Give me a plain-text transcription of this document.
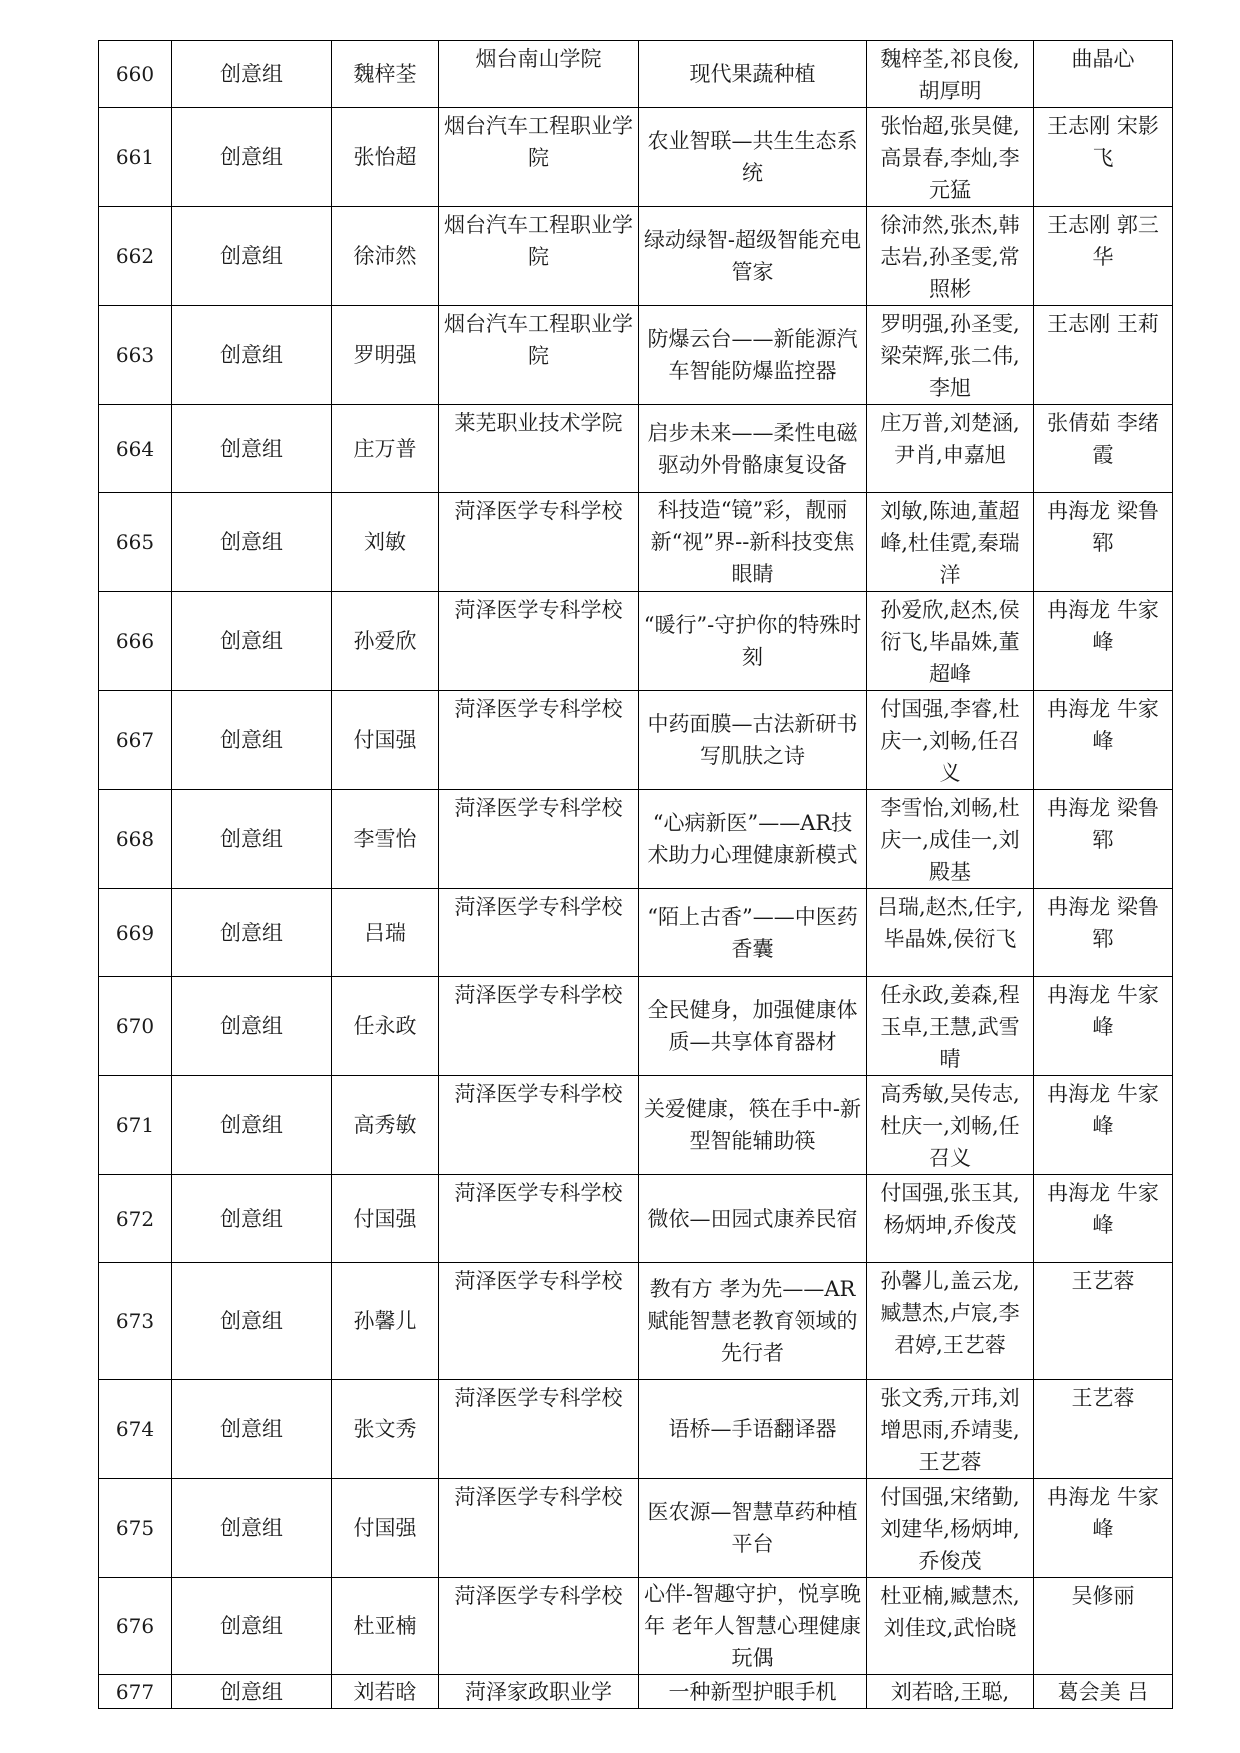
660	创意组	魏梓荃	烟台南山学院	现代果蔬种植	魏梓荃,祁良俊,胡厚明	曲晶心
661	创意组	张怡超	烟台汽车工程职业学院	农业智联—共生生态系统	张怡超,张昊健,高景春,李灿,李元猛	王志刚 宋影飞
662	创意组	徐沛然	烟台汽车工程职业学院	绿动绿智-超级智能充电管家	徐沛然,张杰,韩志岩,孙圣雯,常照彬	王志刚 郭三华
663	创意组	罗明强	烟台汽车工程职业学院	防爆云台——新能源汽车智能防爆监控器	罗明强,孙圣雯,梁荣辉,张二伟,李旭	王志刚 王莉
664	创意组	庄万普	莱芜职业技术学院	启步未来——柔性电磁驱动外骨骼康复设备	庄万普,刘楚涵,尹肖,申嘉旭	张倩茹 李绪霞
665	创意组	刘敏	菏泽医学专科学校	科技造“镜”彩，靓丽新“视”界--新科技变焦眼睛	刘敏,陈迪,董超峰,杜佳霓,秦瑞洋	冉海龙 梁鲁郓
666	创意组	孙爱欣	菏泽医学专科学校	“暖行”-守护你的特殊时刻	孙爱欣,赵杰,侯衍飞,毕晶姝,董超峰	冉海龙 牛家峰
667	创意组	付国强	菏泽医学专科学校	中药面膜—古法新研书写肌肤之诗	付国强,李睿,杜庆一,刘畅,任召义	冉海龙 牛家峰
668	创意组	李雪怡	菏泽医学专科学校	“心病新医”——AR技术助力心理健康新模式	李雪怡,刘畅,杜庆一,成佳一,刘殿基	冉海龙 梁鲁郓
669	创意组	吕瑞	菏泽医学专科学校	“陌上古香”——中医药香囊	吕瑞,赵杰,任宇,毕晶姝,侯衍飞	冉海龙 梁鲁郓
670	创意组	任永政	菏泽医学专科学校	全民健身，加强健康体质—共享体育器材	任永政,姜森,程玉卓,王慧,武雪晴	冉海龙 牛家峰
671	创意组	高秀敏	菏泽医学专科学校	关爱健康，筷在手中-新型智能辅助筷	高秀敏,吴传志,杜庆一,刘畅,任召义	冉海龙 牛家峰
672	创意组	付国强	菏泽医学专科学校	微依—田园式康养民宿	付国强,张玉其,杨炳坤,乔俊茂	冉海龙 牛家峰
673	创意组	孙馨儿	菏泽医学专科学校	教有方 孝为先——AR赋能智慧老教育领域的先行者	孙馨儿,盖云龙,臧慧杰,卢宸,李君婷,王艺蓉	王艺蓉
674	创意组	张文秀	菏泽医学专科学校	语桥—手语翻译器	张文秀,亓玮,刘增思雨,乔靖斐,王艺蓉	王艺蓉
675	创意组	付国强	菏泽医学专科学校	医农源—智慧草药种植平台	付国强,宋绪勤,刘建华,杨炳坤,乔俊茂	冉海龙 牛家峰
676	创意组	杜亚楠	菏泽医学专科学校	心伴-智趣守护，悦享晚年 老年人智慧心理健康玩偶	杜亚楠,臧慧杰,刘佳玟,武怡晓	吴修丽
677	创意组	刘若晗	菏泽家政职业学	一种新型护眼手机	刘若晗,王聪,	葛会美 吕
